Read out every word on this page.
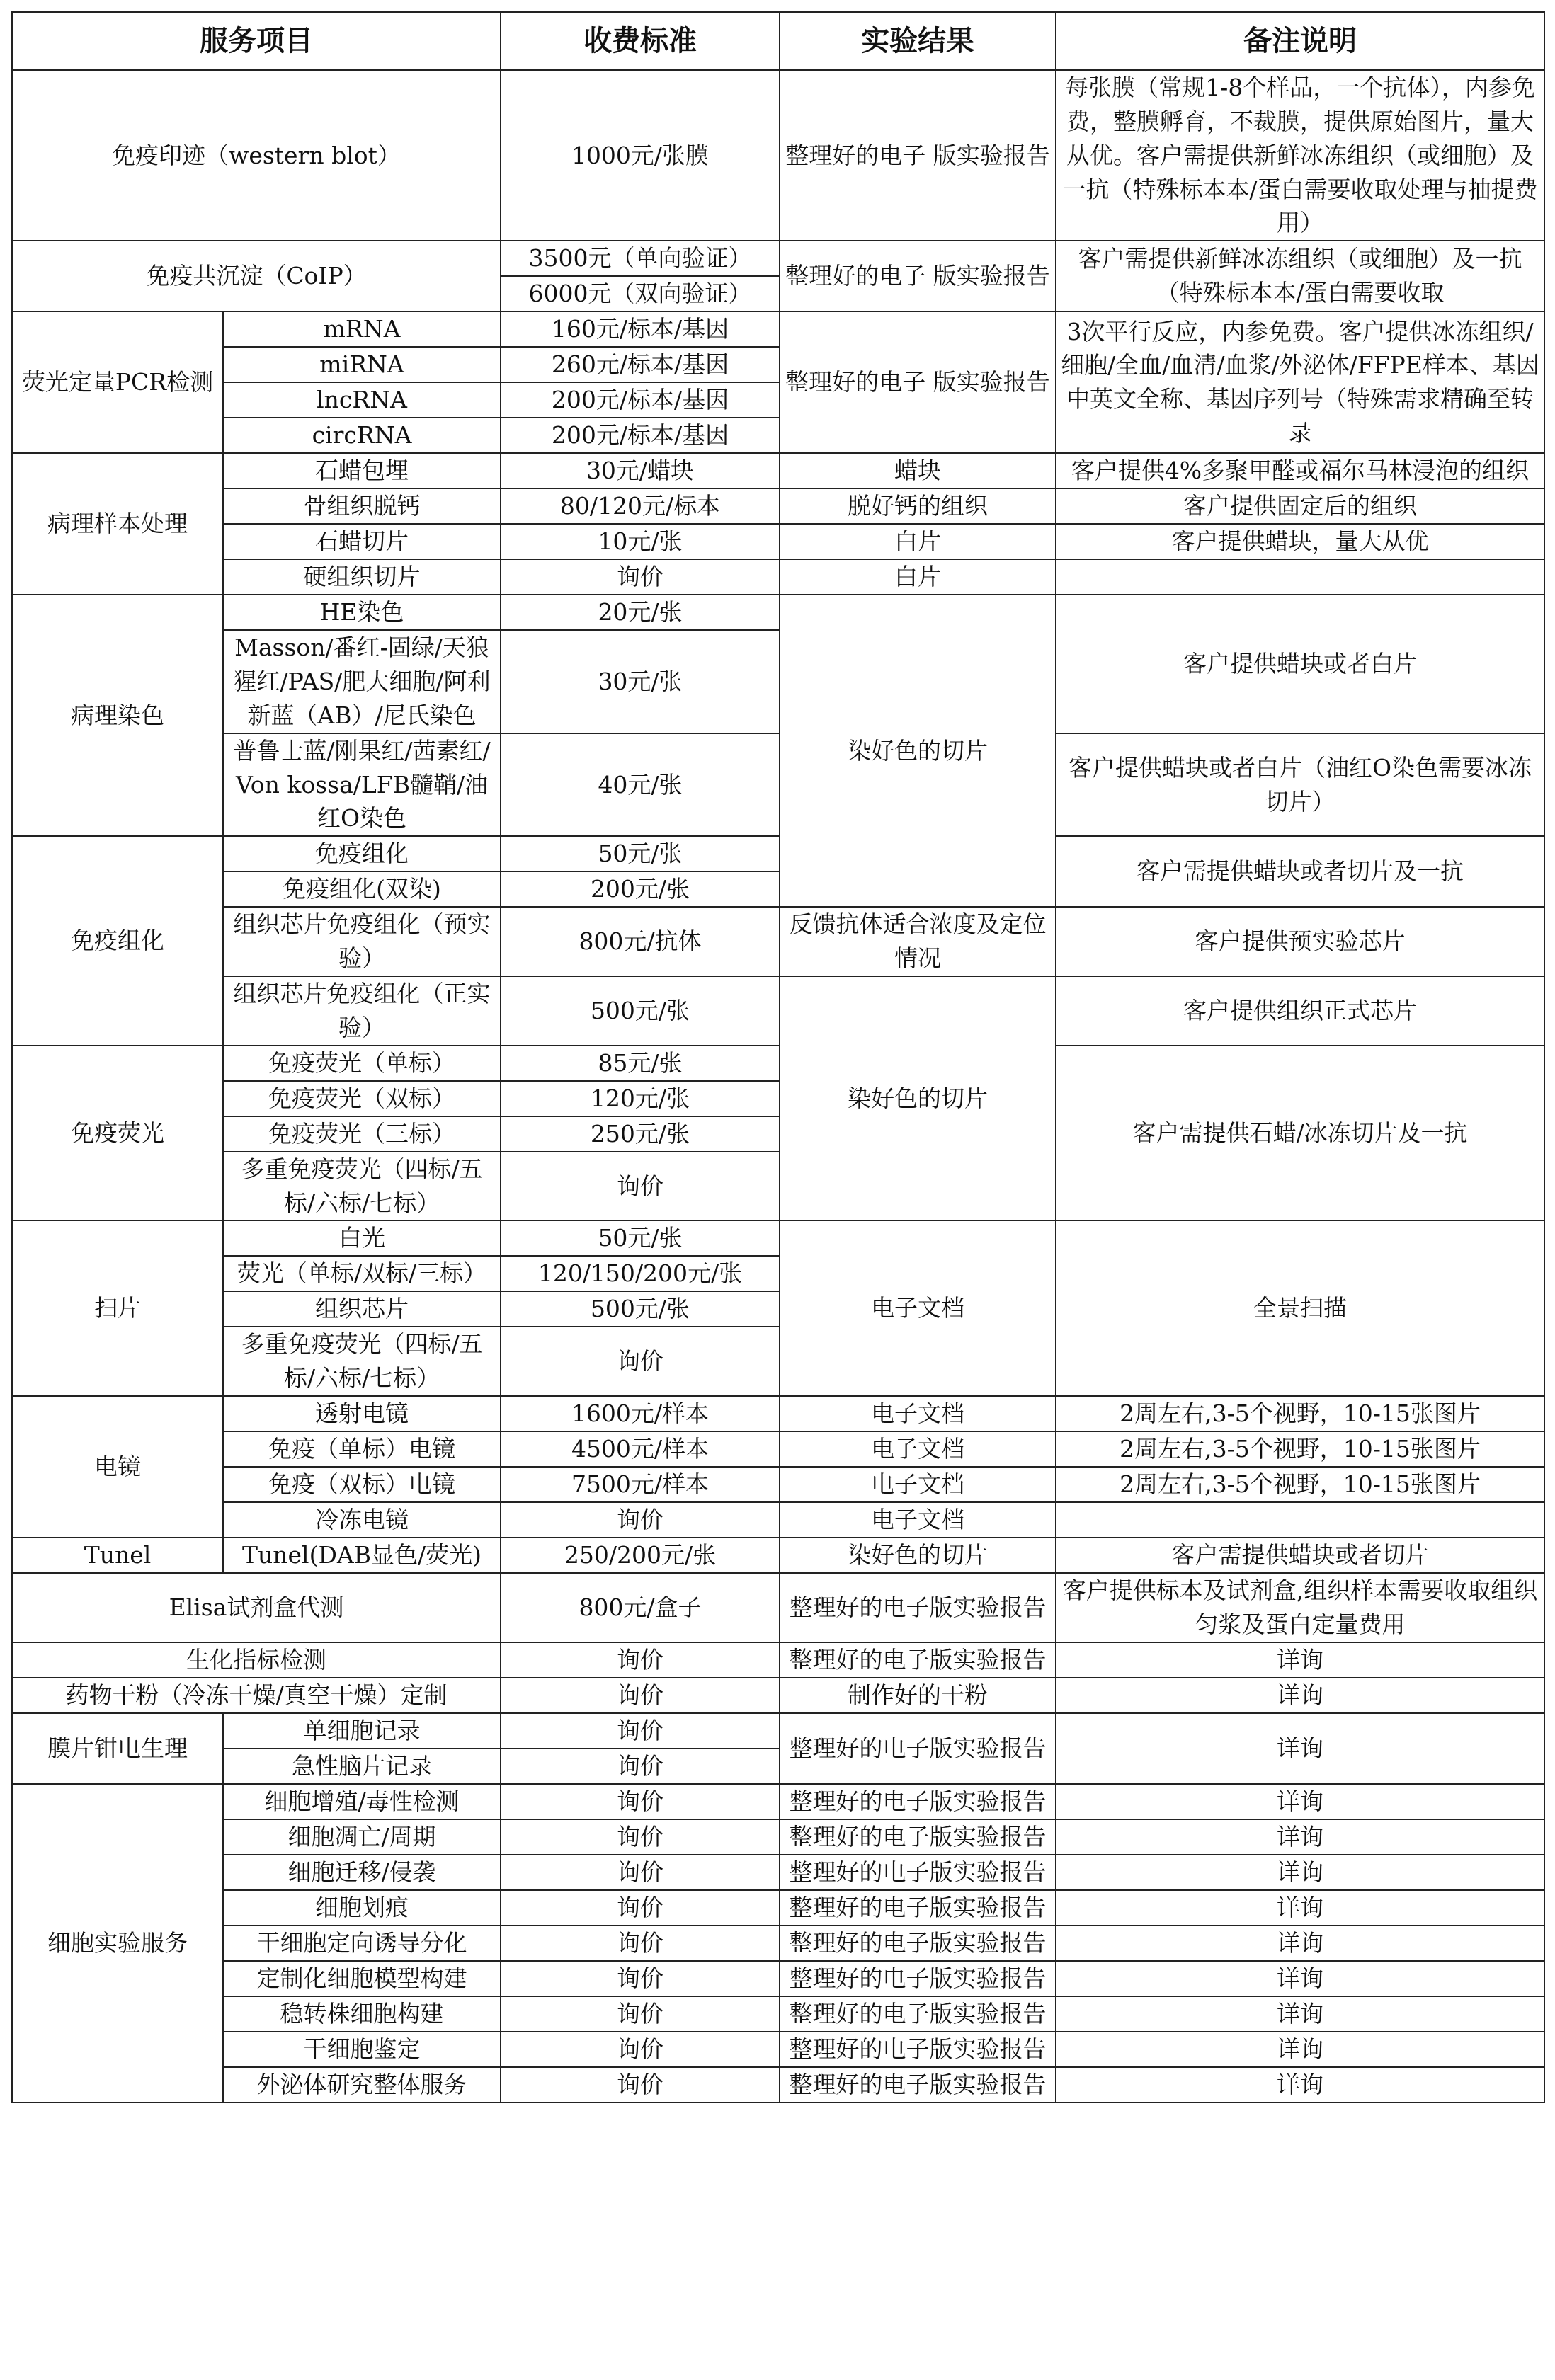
服务项目		收费标准	实验结果	备注说明
免疫印迹（western blot）		1000元/张膜	整理好的电子 版实验报告	每张膜（常规1-8个样品，一个抗体），内参免费，整膜孵育，不裁膜，提供原始图片，量大从优。客户需提供新鲜冰冻组织（或细胞）及一抗（特殊标本本/蛋白需要收取处理与抽提费用）
免疫共沉淀（CoIP）		3500元（单向验证）	整理好的电子 版实验报告	客户需提供新鲜冰冻组织（或细胞）及一抗（特殊标本本/蛋白需要收取
		6000元（双向验证）		
荧光定量PCR检测	mRNA	160元/标本/基因	整理好的电子 版实验报告	3次平行反应，内参免费。客户提供冰冻组织/细胞/全血/血清/血浆/外泌体/FFPE样本、基因中英文全称、基因序列号（特殊需求精确至转录
	miRNA	260元/标本/基因		
	lncRNA	200元/标本/基因		
	circRNA	200元/标本/基因		
病理样本处理	石蜡包埋	30元/蜡块	蜡块	客户提供4%多聚甲醛或福尔马林浸泡的组织
	骨组织脱钙	80/120元/标本	脱好钙的组织	客户提供固定后的组织
	石蜡切片	10元/张	白片	客户提供蜡块，量大从优
	硬组织切片	询价	白片	
病理染色	HE染色	20元/张	染好色的切片	客户提供蜡块或者白片
	Masson/番红-固绿/天狼猩红/PAS/肥大细胞/阿利新蓝（AB）/尼氏染色	30元/张		
	普鲁士蓝/刚果红/茜素红/Von kossa/LFB髓鞘/油红O染色	40元/张		客户提供蜡块或者白片（油红O染色需要冰冻切片）
免疫组化	免疫组化	50元/张		客户需提供蜡块或者切片及一抗
	免疫组化(双染)	200元/张		
	组织芯片免疫组化（预实验）	800元/抗体	反馈抗体适合浓度及定位情况	客户提供预实验芯片
	组织芯片免疫组化（正实验）	500元/张	染好色的切片	客户提供组织正式芯片
免疫荧光	免疫荧光（单标）	85元/张		客户需提供石蜡/冰冻切片及一抗
	免疫荧光（双标）	120元/张		
	免疫荧光（三标）	250元/张		
	多重免疫荧光（四标/五标/六标/七标）	询价		
扫片	白光	50元/张	电子文档	全景扫描
	荧光（单标/双标/三标）	120/150/200元/张		
	组织芯片	500元/张		
	多重免疫荧光（四标/五标/六标/七标）	询价		
电镜	透射电镜	1600元/样本	电子文档	2周左右,3-5个视野，10-15张图片
	免疫（单标）电镜	4500元/样本	电子文档	2周左右,3-5个视野，10-15张图片
	免疫（双标）电镜	7500元/样本	电子文档	2周左右,3-5个视野，10-15张图片
	冷冻电镜	询价	电子文档	
Tunel	Tunel(DAB显色/荧光)	250/200元/张	染好色的切片	客户需提供蜡块或者切片
Elisa试剂盒代测		800元/盒子	整理好的电子版实验报告	客户提供标本及试剂盒,组织样本需要收取组织匀浆及蛋白定量费用
生化指标检测		询价	整理好的电子版实验报告	详询
药物干粉（冷冻干燥/真空干燥）定制		询价	制作好的干粉	详询
膜片钳电生理	单细胞记录	询价	整理好的电子版实验报告	详询
	急性脑片记录	询价		
细胞实验服务	细胞增殖/毒性检测	询价	整理好的电子版实验报告	详询
	细胞凋亡/周期	询价	整理好的电子版实验报告	详询
	细胞迁移/侵袭	询价	整理好的电子版实验报告	详询
	细胞划痕	询价	整理好的电子版实验报告	详询
	干细胞定向诱导分化	询价	整理好的电子版实验报告	详询
	定制化细胞模型构建	询价	整理好的电子版实验报告	详询
	稳转株细胞构建	询价	整理好的电子版实验报告	详询
	干细胞鉴定	询价	整理好的电子版实验报告	详询
	外泌体研究整体服务	询价	整理好的电子版实验报告	详询
